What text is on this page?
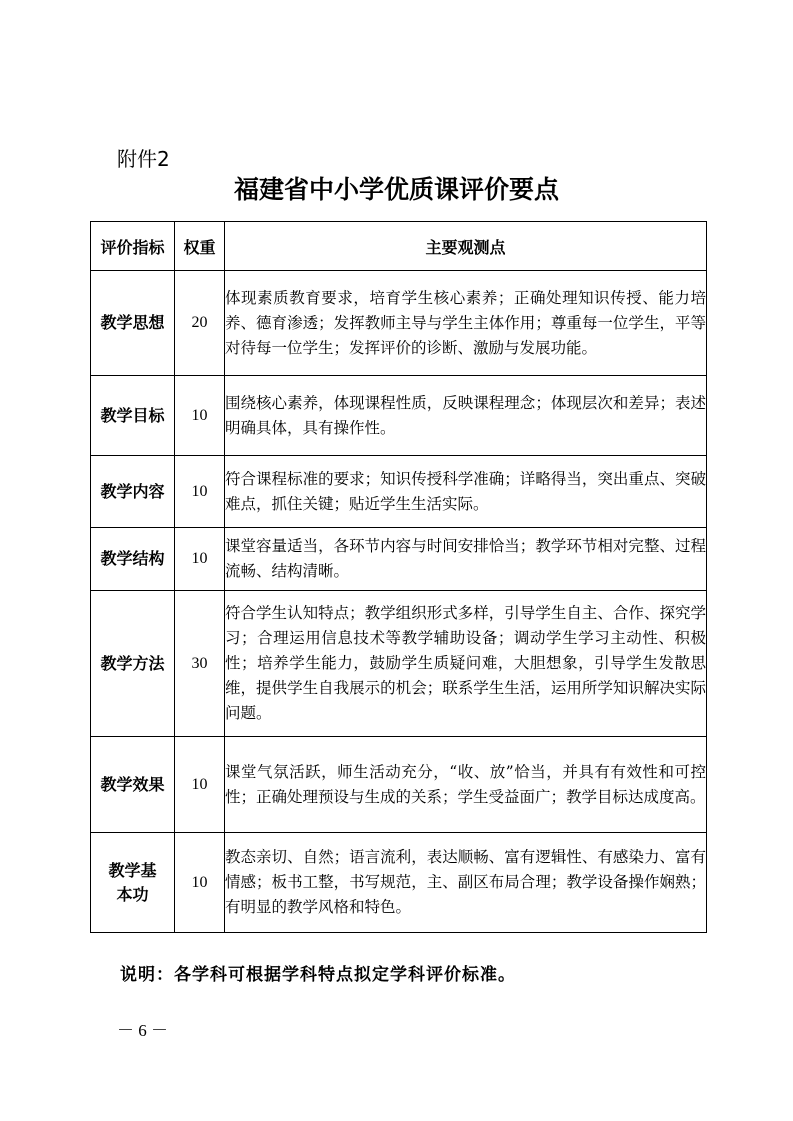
附件2
福建省中小学优质课评价要点
评价指标	权重	主要观测点
教学思想	20	体现素质教育要求，培育学生核心素养；正确处理知识传授、能力培养、德育渗透；发挥教师主导与学生主体作用；尊重每一位学生，平等对待每一位学生；发挥评价的诊断、激励与发展功能。
教学目标	10	围绕核心素养，体现课程性质，反映课程理念；体现层次和差异；表述明确具体，具有操作性。
教学内容	10	符合课程标准的要求；知识传授科学准确；详略得当，突出重点、突破难点，抓住关键；贴近学生生活实际。
教学结构	10	课堂容量适当，各环节内容与时间安排恰当；教学环节相对完整、过程流畅、结构清晰。
教学方法	30	符合学生认知特点；教学组织形式多样，引导学生自主、合作、探究学习；合理运用信息技术等教学辅助设备；调动学生学习主动性、积极性；培养学生能力，鼓励学生质疑问难，大胆想象，引导学生发散思维，提供学生自我展示的机会；联系学生生活，运用所学知识解决实际问题。
教学效果	10	课堂气氛活跃，师生活动充分，“收、放”恰当，并具有有效性和可控性；正确处理预设与生成的关系；学生受益面广；教学目标达成度高。

教学基
本功	10	教态亲切、自然；语言流利，表达顺畅、富有逻辑性、有感染力、富有情感；板书工整，书写规范，主、副区布局合理；教学设备操作娴熟；有明显的教学风格和特色。
说明：各学科可根据学科特点拟定学科评价标准。
－ 6 －
